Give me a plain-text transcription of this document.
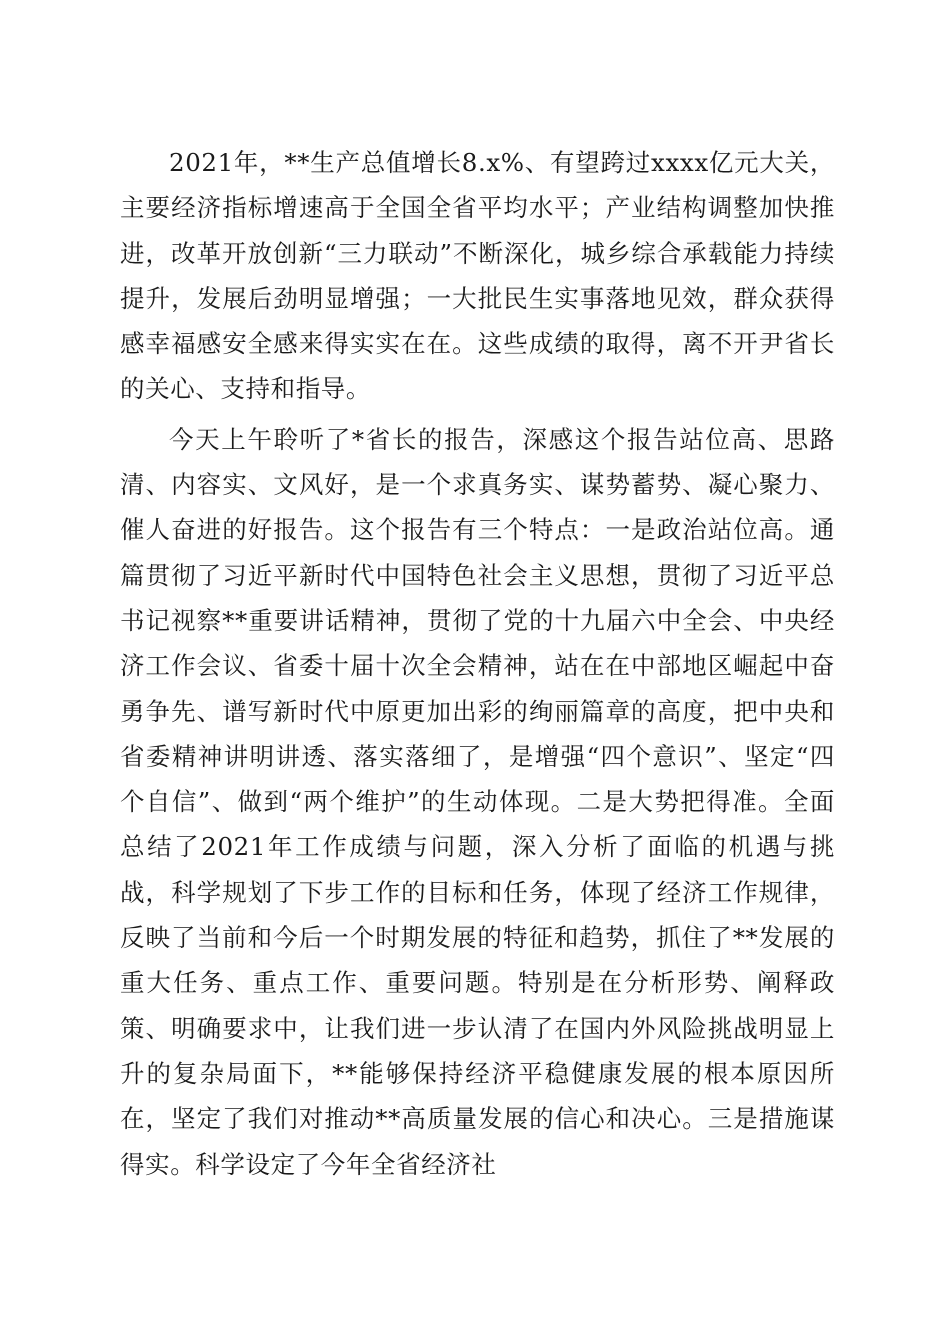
2021年，**生产总值增长8.x%、有望跨过xxxx亿元大关，主要经济指标增速高于全国全省平均水平；产业结构调整加快推进，改革开放创新“三力联动”不断深化，城乡综合承载能力持续提升，发展后劲明显增强；一大批民生实事落地见效，群众获得感幸福感安全感来得实实在在。这些成绩的取得，离不开尹省长的关心、支持和指导。

今天上午聆听了*省长的报告，深感这个报告站位高、思路清、内容实、文风好，是一个求真务实、谋势蓄势、凝心聚力、催人奋进的好报告。这个报告有三个特点：一是政治站位高。通篇贯彻了习近平新时代中国特色社会主义思想，贯彻了习近平总书记视察**重要讲话精神，贯彻了党的十九届六中全会、中央经济工作会议、省委十届十次全会精神，站在在中部地区崛起中奋勇争先、谱写新时代中原更加出彩的绚丽篇章的高度，把中央和省委精神讲明讲透、落实落细了，是增强“四个意识”、坚定“四个自信”、做到“两个维护”的生动体现。二是大势把得准。全面总结了2021年工作成绩与问题，深入分析了面临的机遇与挑战，科学规划了下步工作的目标和任务，体现了经济工作规律，反映了当前和今后一个时期发展的特征和趋势，抓住了**发展的重大任务、重点工作、重要问题。特别是在分析形势、阐释政策、明确要求中，让我们进一步认清了在国内外风险挑战明显上升的复杂局面下，**能够保持经济平稳健康发展的根本原因所在，坚定了我们对推动**高质量发展的信心和决心。三是措施谋得实。科学设定了今年全省经济社
